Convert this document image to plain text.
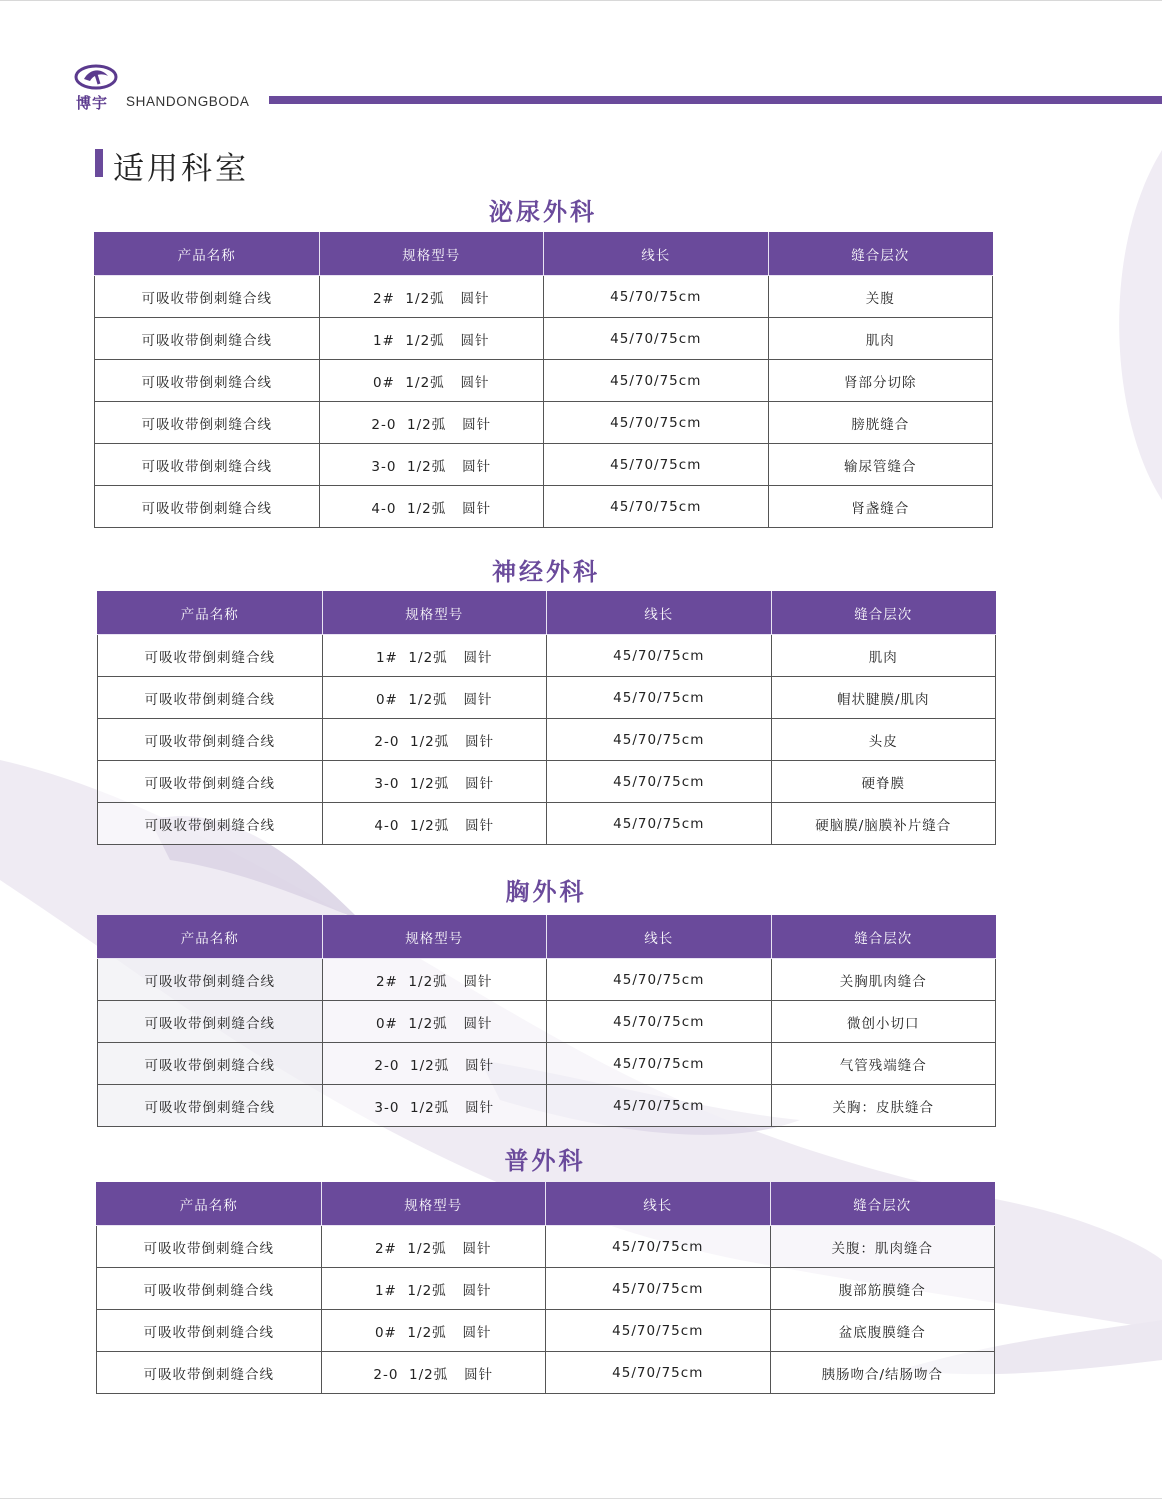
博宇 SHANDONGBODA
适用科室
泌尿外科
产品名称	规格型号	线长	缝合层次
可吸收带倒刺缝合线	2#  1/2弧   圆针	45/70/75cm	关腹
可吸收带倒刺缝合线	1#  1/2弧   圆针	45/70/75cm	肌肉
可吸收带倒刺缝合线	0#  1/2弧   圆针	45/70/75cm	肾部分切除
可吸收带倒刺缝合线	2-0  1/2弧   圆针	45/70/75cm	膀胱缝合
可吸收带倒刺缝合线	3-0  1/2弧   圆针	45/70/75cm	输尿管缝合
可吸收带倒刺缝合线	4-0  1/2弧   圆针	45/70/75cm	肾盏缝合
神经外科
产品名称	规格型号	线长	缝合层次
可吸收带倒刺缝合线	1#  1/2弧   圆针	45/70/75cm	肌肉
可吸收带倒刺缝合线	0#  1/2弧   圆针	45/70/75cm	帽状腱膜/肌肉
可吸收带倒刺缝合线	2-0  1/2弧   圆针	45/70/75cm	头皮
可吸收带倒刺缝合线	3-0  1/2弧   圆针	45/70/75cm	硬脊膜
可吸收带倒刺缝合线	4-0  1/2弧   圆针	45/70/75cm	硬脑膜/脑膜补片缝合
胸外科
产品名称	规格型号	线长	缝合层次
可吸收带倒刺缝合线	2#  1/2弧   圆针	45/70/75cm	关胸肌肉缝合
可吸收带倒刺缝合线	0#  1/2弧   圆针	45/70/75cm	微创小切口
可吸收带倒刺缝合线	2-0  1/2弧   圆针	45/70/75cm	气管残端缝合
可吸收带倒刺缝合线	3-0  1/2弧   圆针	45/70/75cm	关胸：皮肤缝合
普外科
产品名称	规格型号	线长	缝合层次
可吸收带倒刺缝合线	2#  1/2弧   圆针	45/70/75cm	关腹：肌肉缝合
可吸收带倒刺缝合线	1#  1/2弧   圆针	45/70/75cm	腹部筋膜缝合
可吸收带倒刺缝合线	0#  1/2弧   圆针	45/70/75cm	盆底腹膜缝合
可吸收带倒刺缝合线	2-0  1/2弧   圆针	45/70/75cm	胰肠吻合/结肠吻合
